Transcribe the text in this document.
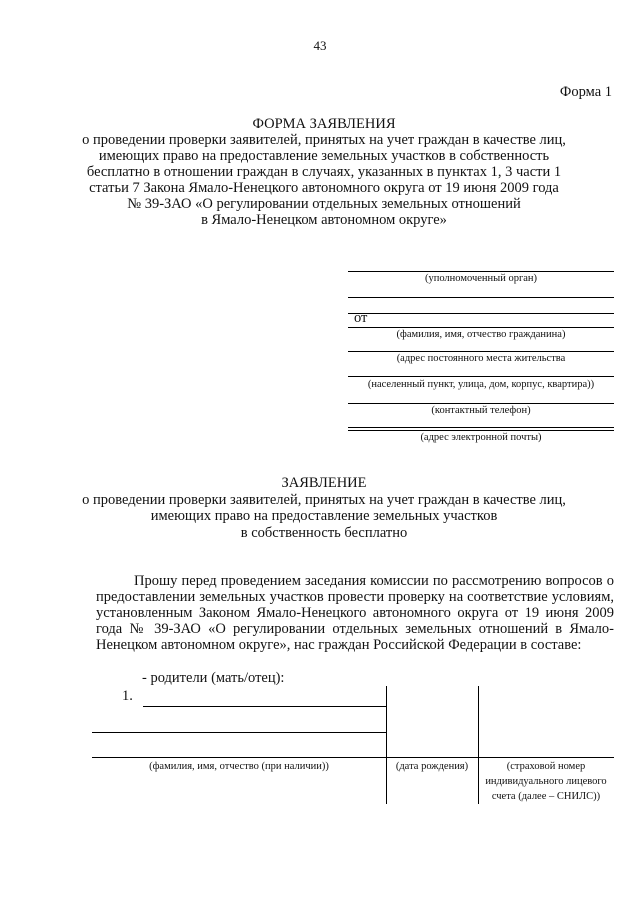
43
Форма 1
ФОРМА ЗАЯВЛЕНИЯ
о проведении проверки заявителей, принятых на учет граждан в качестве лиц,
имеющих право на предоставление земельных участков в собственность
бесплатно в отношении граждан в случаях, указанных в пунктах 1, 3 части 1
статьи 7 Закона Ямало-Ненецкого автономного округа от 19 июня 2009 года
№ 39-ЗАО «О регулировании отдельных земельных отношений
в Ямало-Ненецком автономном округе»
(уполномоченный орган)
от
(фамилия, имя, отчество гражданина)
(адрес постоянного места жительства
(населенный пункт, улица, дом, корпус, квартира))
(контактный телефон)
(адрес электронной почты)
ЗАЯВЛЕНИЕ
о проведении проверки заявителей, принятых на учет граждан в качестве лиц,
имеющих право на предоставление земельных участков
в собственность бесплатно

Прошу перед проведением заседания комиссии по рассмотрению вопросов о предоставлении земельных участков провести проверку на соответствие условиям, установленным Законом Ямало-Ненецкого автономного округа от 19 июня 2009 года № 39-ЗАО «О регулировании отдельных земельных отношений в Ямало-Ненецком автономном округе», нас граждан Российской Федерации в составе:

- родители (мать/отец):
1.
(фамилия, имя, отчество (при наличии))	(дата рождения)	(страховой номер
индивидуального лицевого
счета (далее – СНИЛС))
